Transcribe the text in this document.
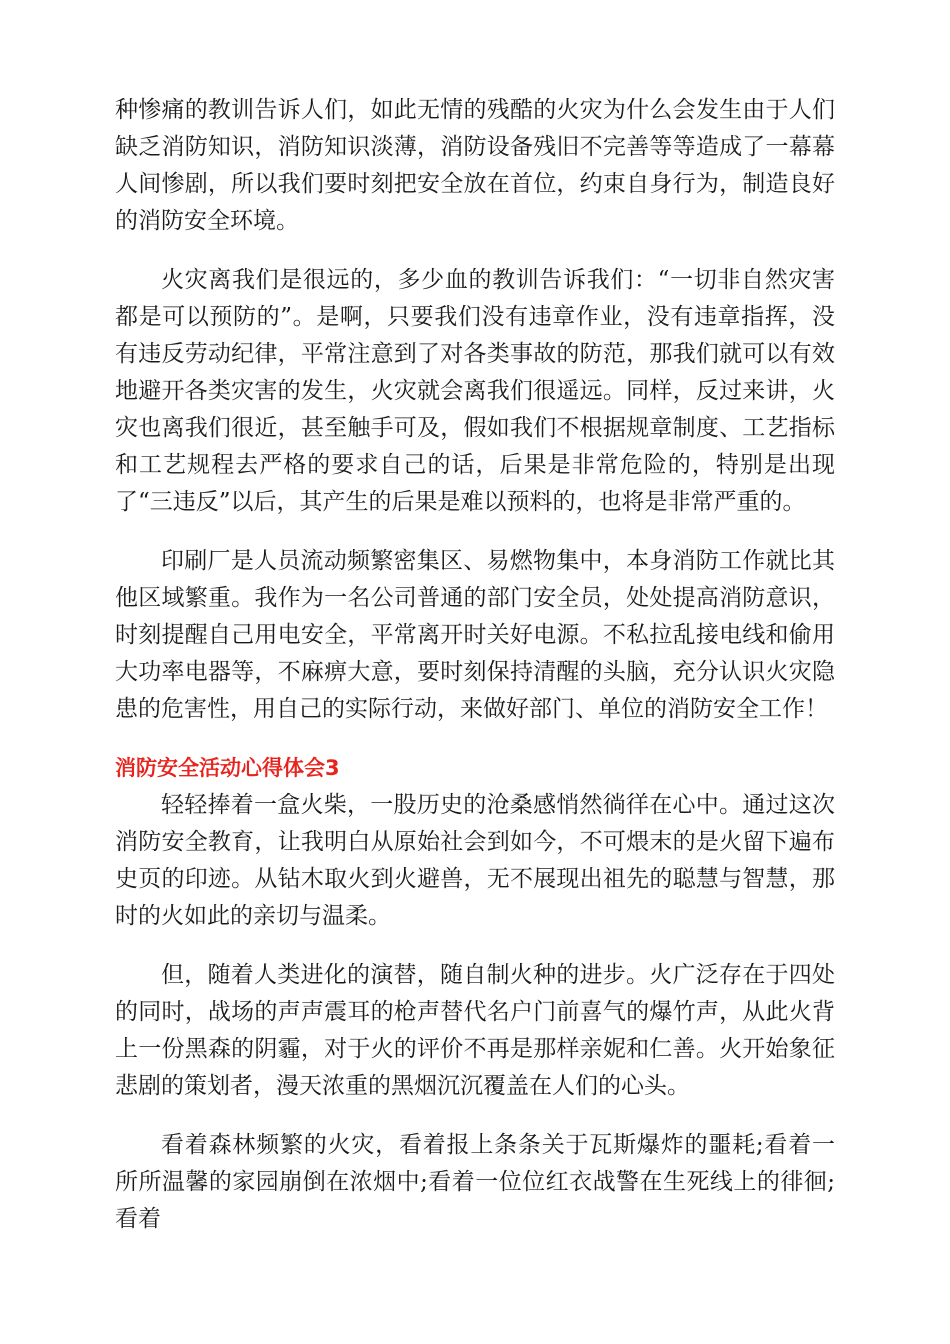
种惨痛的教训告诉人们，如此无情的残酷的火灾为什么会发生由于人们缺乏消防知识，消防知识淡薄，消防设备残旧不完善等等造成了一幕幕人间惨剧，所以我们要时刻把安全放在首位，约束自身行为，制造良好的消防安全环境。

火灾离我们是很远的，多少血的教训告诉我们：“一切非自然灾害都是可以预防的”。是啊，只要我们没有违章作业，没有违章指挥，没有违反劳动纪律，平常注意到了对各类事故的防范，那我们就可以有效地避开各类灾害的发生，火灾就会离我们很遥远。同样，反过来讲，火灾也离我们很近，甚至触手可及，假如我们不根据规章制度、工艺指标和工艺规程去严格的要求自己的话，后果是非常危险的，特别是出现了“三违反”以后，其产生的后果是难以预料的，也将是非常严重的。

印刷厂是人员流动频繁密集区、易燃物集中，本身消防工作就比其他区域繁重。我作为一名公司普通的部门安全员，处处提高消防意识，时刻提醒自己用电安全，平常离开时关好电源。不私拉乱接电线和偷用大功率电器等，不麻痹大意，要时刻保持清醒的头脑，充分认识火灾隐患的危害性，用自己的实际行动，来做好部门、单位的消防安全工作！

消防安全活动心得体会3

轻轻捧着一盒火柴，一股历史的沧桑感悄然徜徉在心中。通过这次消防安全教育，让我明白从原始社会到如今，不可煨末的是火留下遍布史页的印迹。从钻木取火到火避兽，无不展现出祖先的聪慧与智慧，那时的火如此的亲切与温柔。

但，随着人类进化的演替，随自制火种的进步。火广泛存在于四处的同时，战场的声声震耳的枪声替代名户门前喜气的爆竹声，从此火背上一份黑森的阴霾，对于火的评价不再是那样亲妮和仁善。火开始象征悲剧的策划者，漫天浓重的黑烟沉沉覆盖在人们的心头。

看着森林频繁的火灾，看着报上条条关于瓦斯爆炸的噩耗;看着一所所温馨的家园崩倒在浓烟中;看着一位位红衣战警在生死线上的徘徊;看着
